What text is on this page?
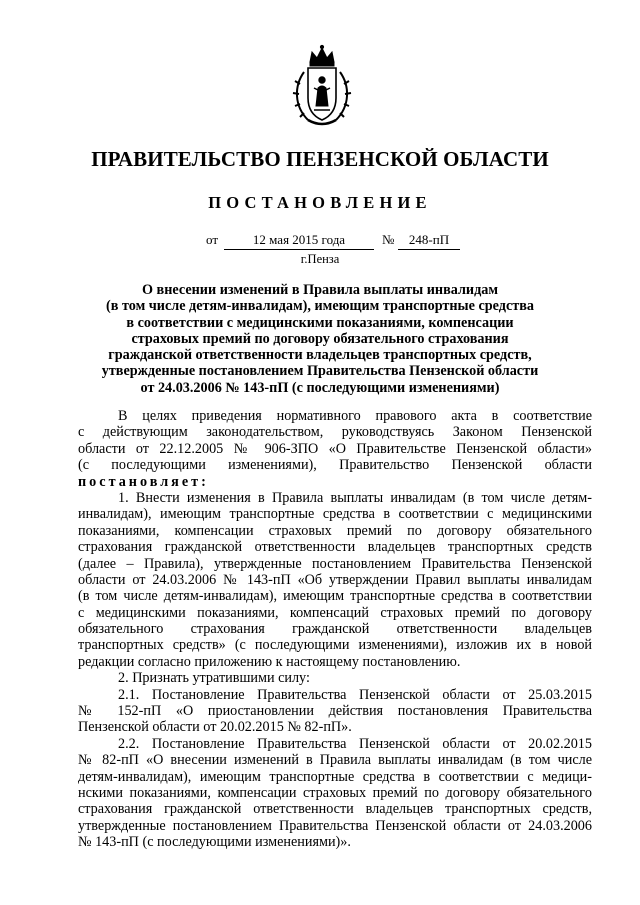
ПРАВИТЕЛЬСТВО ПЕНЗЕНСКОЙ ОБЛАСТИ
ПОСТАНОВЛЕНИЕ
от	12 мая 2015 года	№	248-пП
г.Пенза
О внесении изменений в Правила выплаты инвалидам
(в том числе детям-инвалидам), имеющим транспортные средства
в соответствии с медицинскими показаниями, компенсации
страховых премий по договору обязательного страхования
гражданской ответственности владельцев транспортных средств,
утвержденные постановлением Правительства Пензенской области
от 24.03.2006 № 143-пП (с последующими изменениями)
В целях приведения нормативного правового акта в соответствие
с действующим законодательством, руководствуясь Законом Пензенской
области от 22.12.2005 № 906-ЗПО «О Правительстве Пензенской области»
(с последующими изменениями), Правительство Пензенской области
постановляет:
1. Внести изменения в Правила выплаты инвалидам (в том числе детям-
инвалидам), имеющим транспортные средства в соответствии с медицинскими
показаниями, компенсации страховых премий по договору обязательного
страхования гражданской ответственности владельцев транспортных средств
(далее – Правила), утвержденные постановлением Правительства Пензенской
области от 24.03.2006 № 143-пП «Об утверждении Правил выплаты инвалидам
(в том числе детям-инвалидам), имеющим транспортные средства в соответствии
с медицинскими показаниями, компенсаций страховых премий по договору
обязательного страхования гражданской ответственности владельцев
транспортных средств» (с последующими изменениями), изложив их в новой
редакции согласно приложению к настоящему постановлению.
2. Признать утратившими силу:
2.1. Постановление Правительства Пензенской области от 25.03.2015
№ 152-пП «О приостановлении действия постановления Правительства
Пензенской области от 20.02.2015 № 82-пП».
2.2. Постановление Правительства Пензенской области от 20.02.2015
№ 82-пП «О внесении изменений в Правила выплаты инвалидам (в том числе
детям-инвалидам), имеющим транспортные средства в соответствии с медици-
нскими показаниями, компенсации страховых премий по договору обязательного
страхования гражданской ответственности владельцев транспортных средств,
утвержденные постановлением Правительства Пензенской области от 24.03.2006
№ 143-пП (с последующими изменениями)».
